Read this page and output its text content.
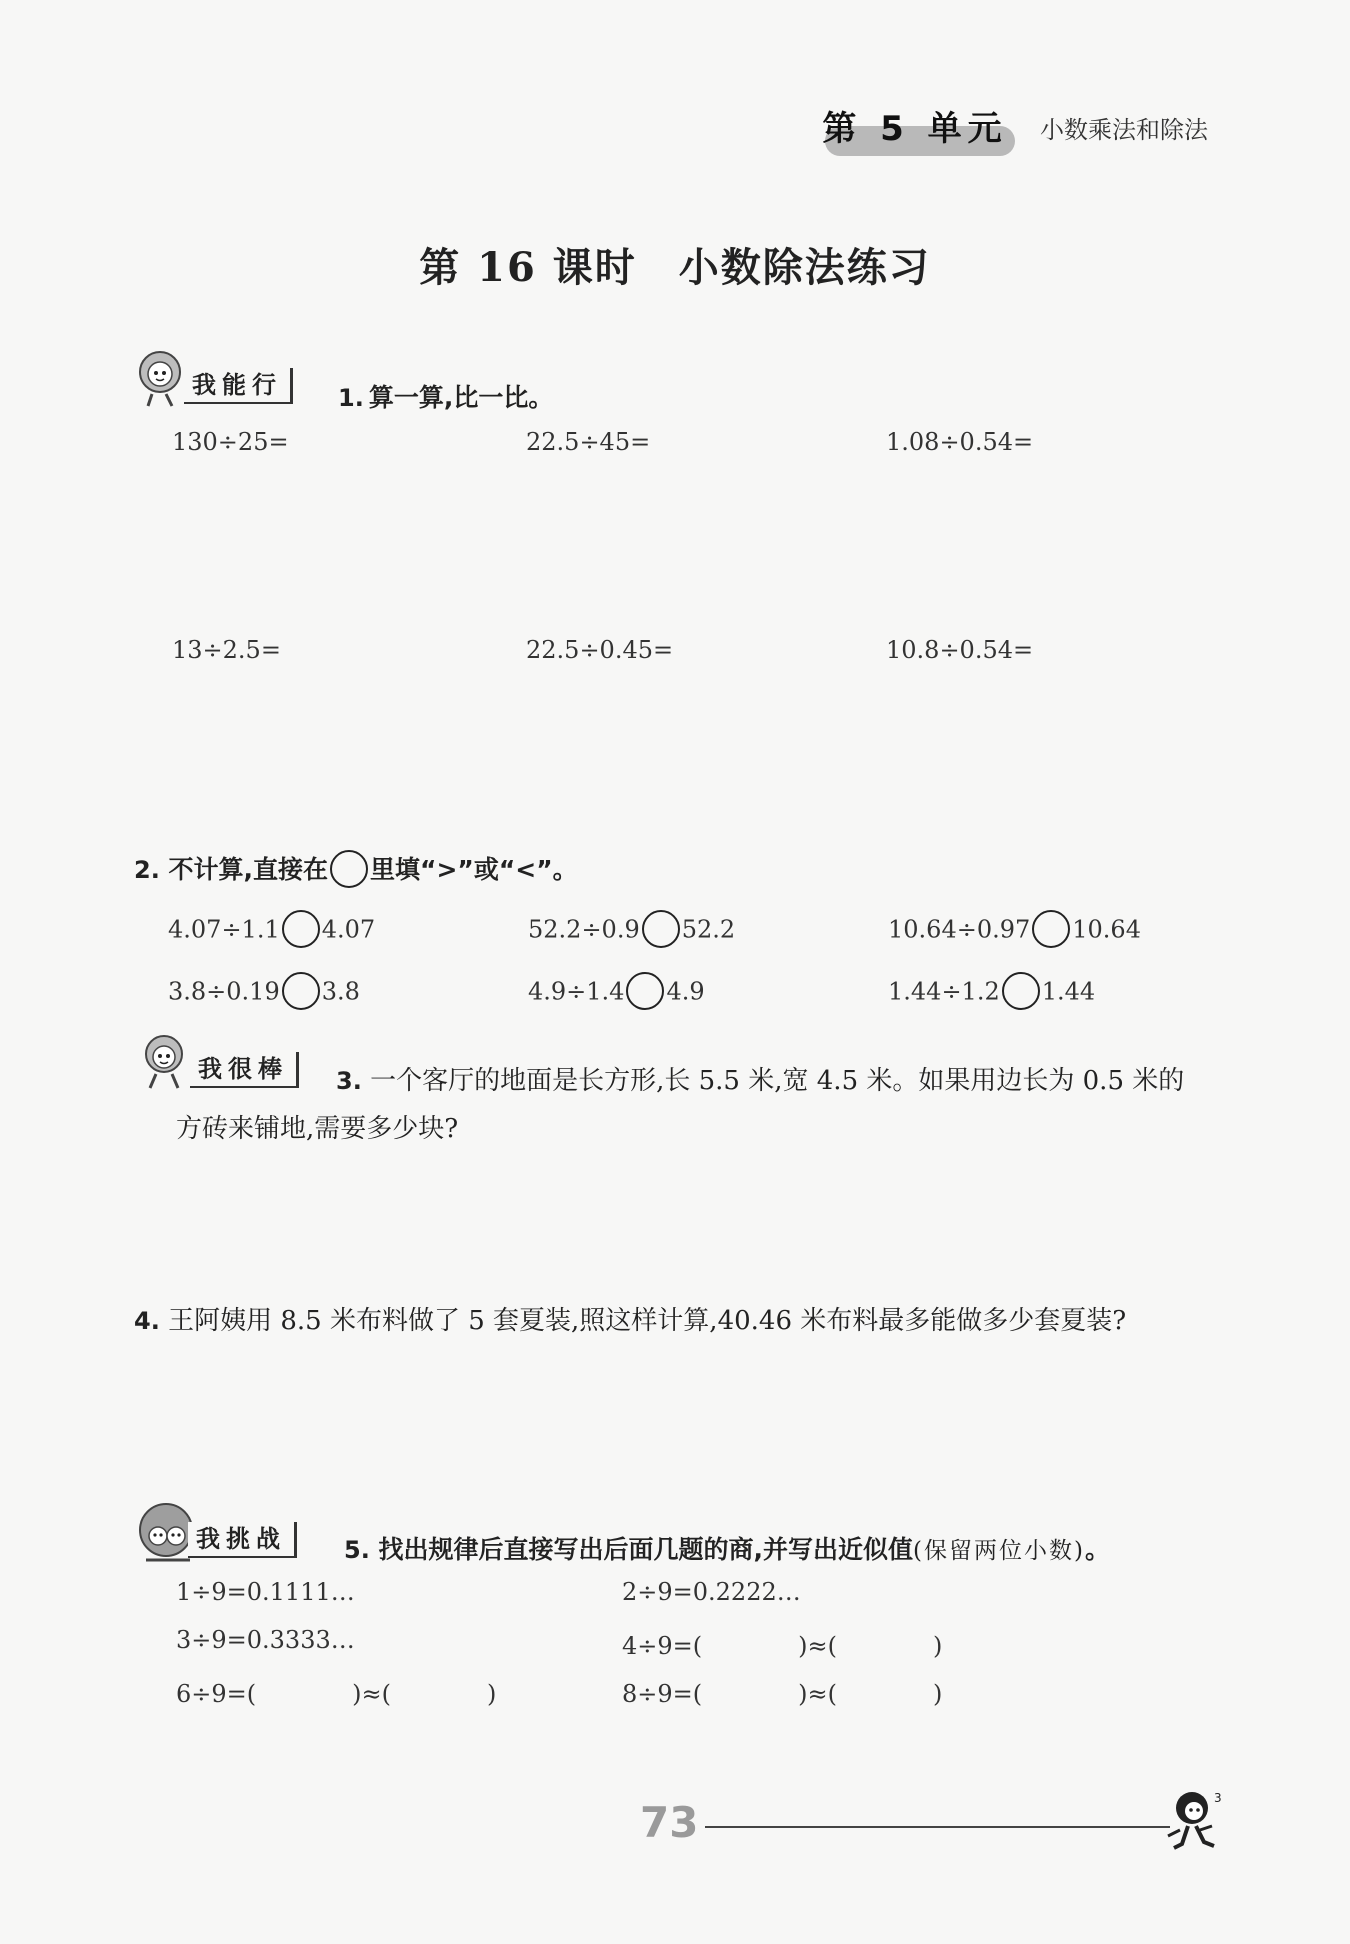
第 5 单元	小数乘法和除法
第 16 课时　小数除法练习
我能行	1. 算一算,比一比。
130÷25=	22.5÷45=	1.08÷0.54=
13÷2.5=	22.5÷0.45=	10.8÷0.54=
2. 不计算,直接在 里填“>”或“<”。
4.07÷1.1 4.07	52.2÷0.9 52.2	10.64÷0.97 10.64
3.8÷0.19 3.8	4.9÷1.4 4.9	1.44÷1.2 1.44
我很棒	3. 一个客厅的地面是长方形,长 5.5 米,宽 4.5 米。如果用边长为 0.5 米的
方砖来铺地,需要多少块?
4. 王阿姨用 8.5 米布料做了 5 套夏装,照这样计算,40.46 米布料最多能做多少套夏装?
我挑战	5. 找出规律后直接写出后面几题的商,并写出近似值(保留两位小数)。
1÷9=0.1111…	2÷9=0.2222…
3÷9=0.3333…	4÷9=(　　　　)≈(　　　　)
6÷9=(　　　　)≈(　　　　)	8÷9=(　　　　)≈(　　　　)
73	3
